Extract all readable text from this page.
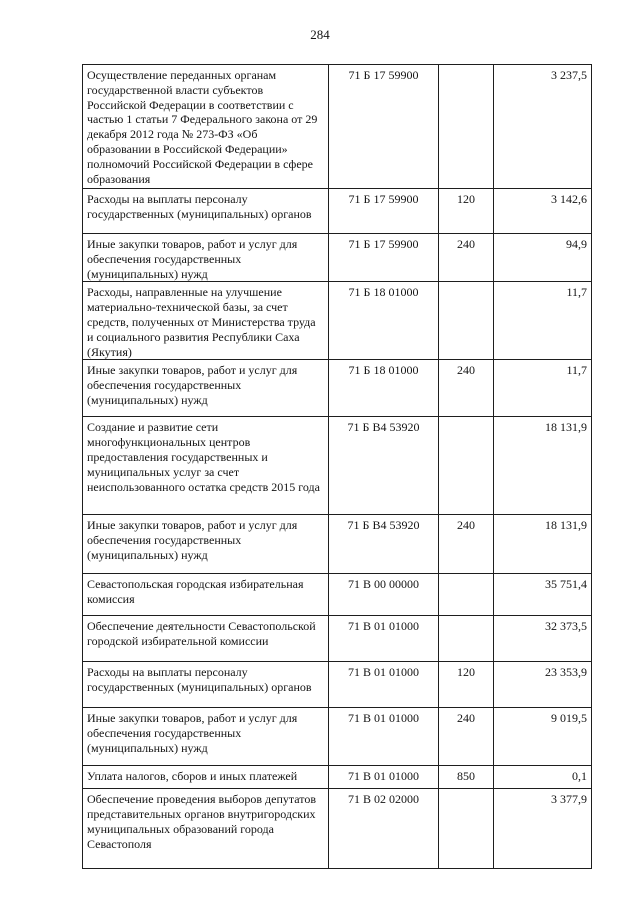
284
Осуществление переданных органам государственной власти субъектов Российской Федерации в соответствии с частью 1 статьи 7 Федерального закона от 29 декабря 2012 года № 273-ФЗ «Об образовании в Российской Федерации» полномочий Российской Федерации в сфере образования	71 Б 17 59900		3 237,5
Расходы на выплаты персоналу государственных (муниципальных) органов	71 Б 17 59900	120	3 142,6
Иные закупки товаров, работ и услуг для обеспечения государственных (муниципальных) нужд	71 Б 17 59900	240	94,9
Расходы, направленные на улучшение материально-технической базы, за счет средств, полученных от Министерства труда и социального развития Республики Саха (Якутия)	71 Б 18 01000		11,7
Иные закупки товаров, работ и услуг для обеспечения государственных (муниципальных) нужд	71 Б 18 01000	240	11,7
Создание и развитие сети многофункциональных центров предоставления государственных и муниципальных услуг за счет неиспользованного остатка средств 2015 года	71 Б В4 53920		18 131,9
Иные закупки товаров, работ и услуг для обеспечения государственных (муниципальных) нужд	71 Б В4 53920	240	18 131,9
Севастопольская городская избирательная комиссия	71 В 00 00000		35 751,4
Обеспечение деятельности Севастопольской городской избирательной комиссии	71 В 01 01000		32 373,5
Расходы на выплаты персоналу государственных (муниципальных) органов	71 В 01 01000	120	23 353,9
Иные закупки товаров, работ и услуг для обеспечения государственных (муниципальных) нужд	71 В 01 01000	240	9 019,5
Уплата налогов, сборов и иных платежей	71 В 01 01000	850	0,1
Обеспечение проведения выборов депутатов представительных органов внутригородских муниципальных образований города Севастополя	71 В 02 02000		3 377,9
